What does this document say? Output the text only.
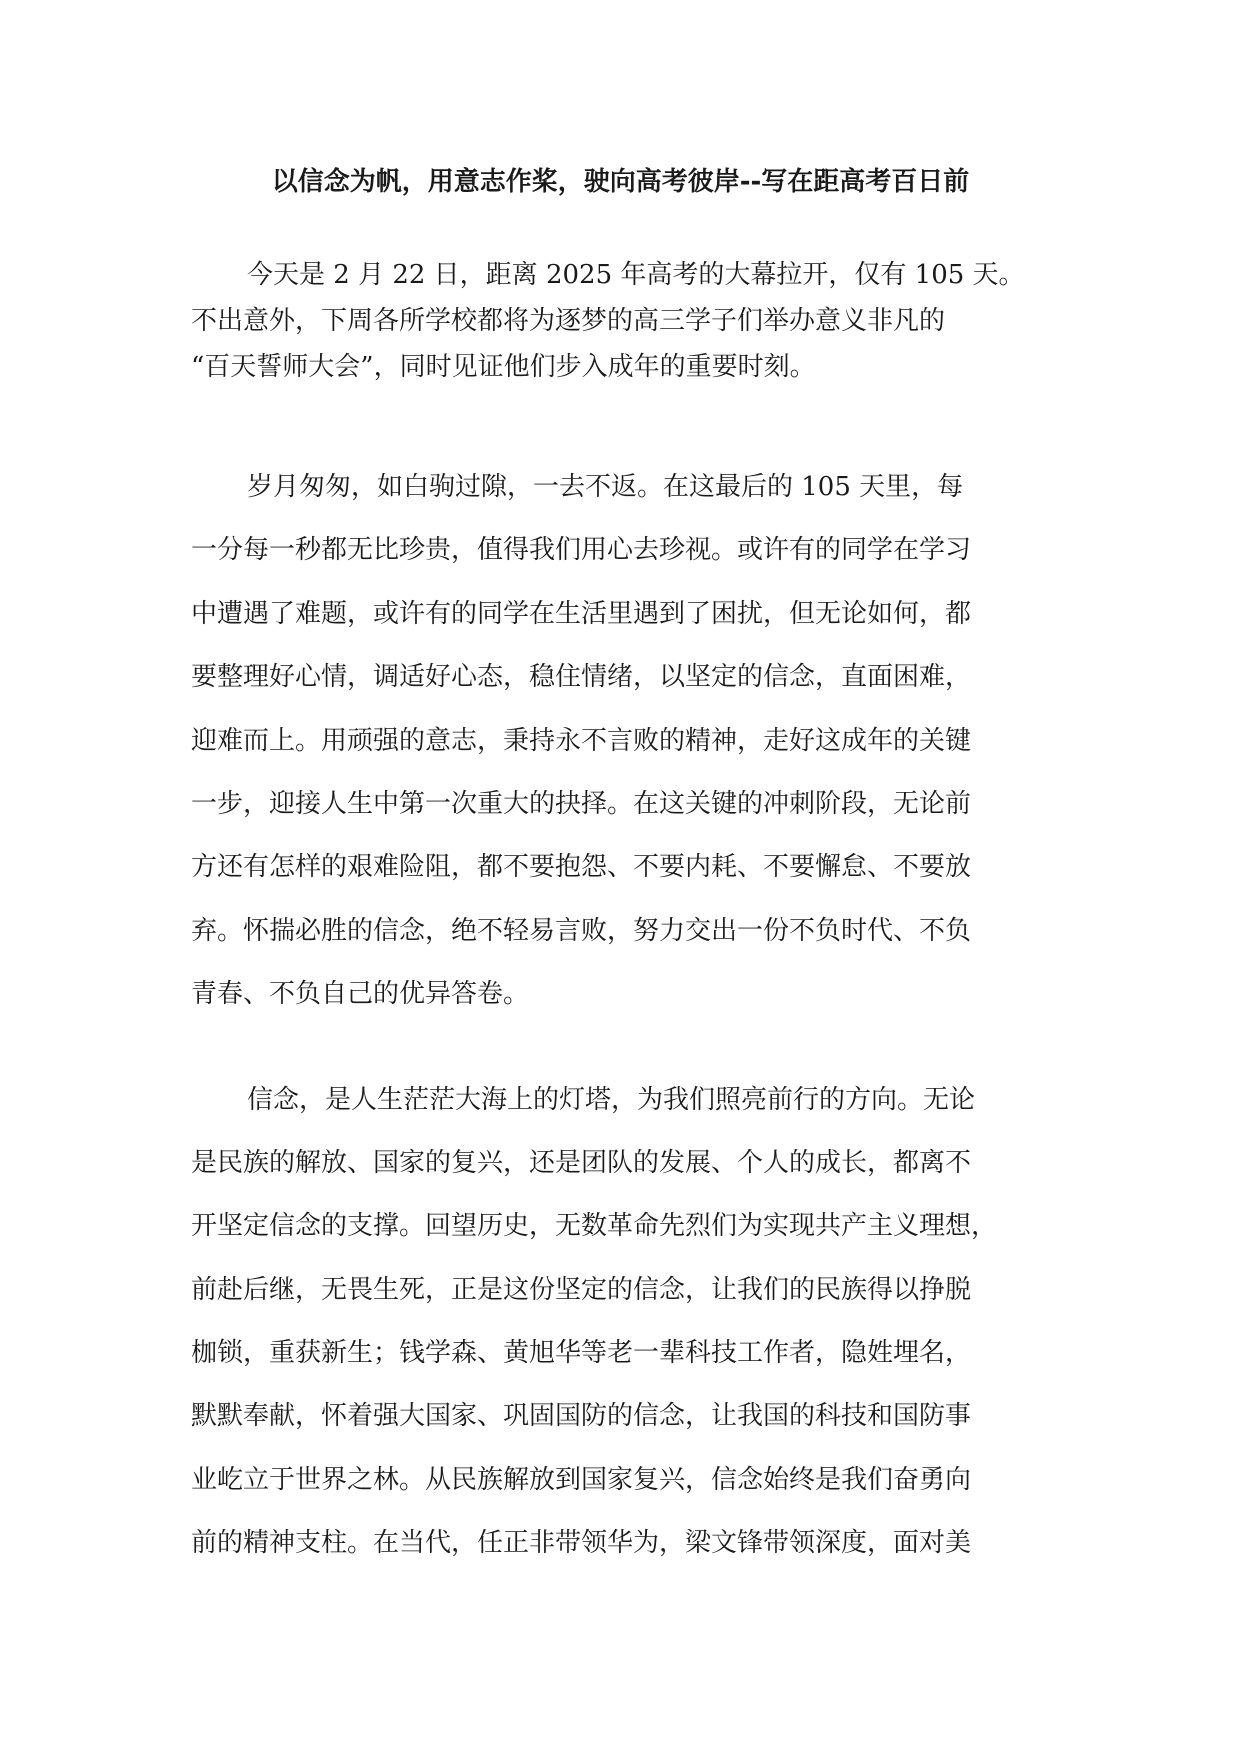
以信念为帆，用意志作桨，驶向高考彼岸--写在距高考百日前

今天是 2 月 22 日，距离 2025 年高考的大幕拉开，仅有 105 天。
不出意外，下周各所学校都将为逐梦的高三学子们举办意义非凡的
“百天誓师大会”，同时见证他们步入成年的重要时刻。

岁月匆匆，如白驹过隙，一去不返。在这最后的 105 天里，每
一分每一秒都无比珍贵，值得我们用心去珍视。或许有的同学在学习
中遭遇了难题，或许有的同学在生活里遇到了困扰，但无论如何，都
要整理好心情，调适好心态，稳住情绪，以坚定的信念，直面困难，
迎难而上。用顽强的意志，秉持永不言败的精神，走好这成年的关键
一步，迎接人生中第一次重大的抉择。在这关键的冲刺阶段，无论前
方还有怎样的艰难险阻，都不要抱怨、不要内耗、不要懈怠、不要放
弃。怀揣必胜的信念，绝不轻易言败，努力交出一份不负时代、不负
青春、不负自己的优异答卷。

信念，是人生茫茫大海上的灯塔，为我们照亮前行的方向。无论
是民族的解放、国家的复兴，还是团队的发展、个人的成长，都离不
开坚定信念的支撑。回望历史，无数革命先烈们为实现共产主义理想，
前赴后继，无畏生死，正是这份坚定的信念，让我们的民族得以挣脱
枷锁，重获新生；钱学森、黄旭华等老一辈科技工作者，隐姓埋名，
默默奉献，怀着强大国家、巩固国防的信念，让我国的科技和国防事
业屹立于世界之林。从民族解放到国家复兴，信念始终是我们奋勇向
前的精神支柱。在当代，任正非带领华为，梁文锋带领深度，面对美
